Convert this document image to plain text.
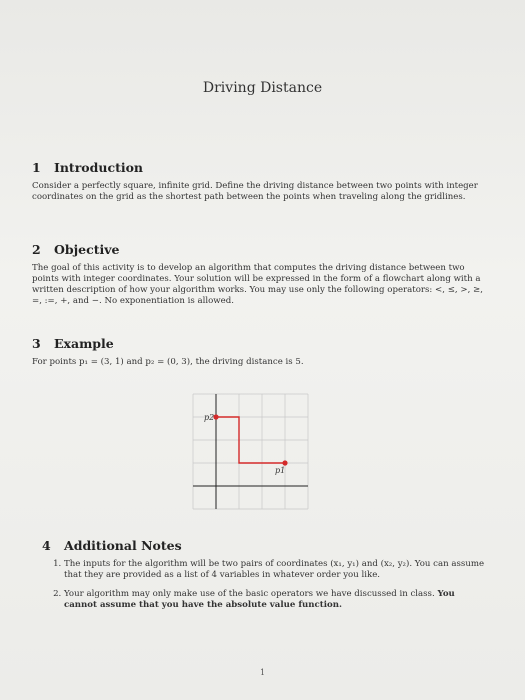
Driving Distance
1 Introduction

Consider a perfectly square, infinite grid. Define the driving distance between two points with integer coordinates on the grid as the shortest path between the points when traveling along the gridlines.

2 Objective

The goal of this activity is to develop an algorithm that computes the driving distance between two points with integer coordinates. Your solution will be expressed in the form of a flowchart along with a written description of how your algorithm works. You may use only the following operators: <, ≤, >, ≥, =, :=, +, and −. No exponentiation is allowed.

3 Example

For points p₁ = (3, 1) and p₂ = (0, 3), the driving distance is 5.

p1
p2
4 Additional Notes
1. The inputs for the algorithm will be two pairs of coordinates (x₁, y₁) and (x₂, y₂). You can assume that they are provided as a list of 4 variables in whatever order you like.
2. Your algorithm may only make use of the basic operators we have discussed in class. You cannot assume that you have the absolute value function.
1
